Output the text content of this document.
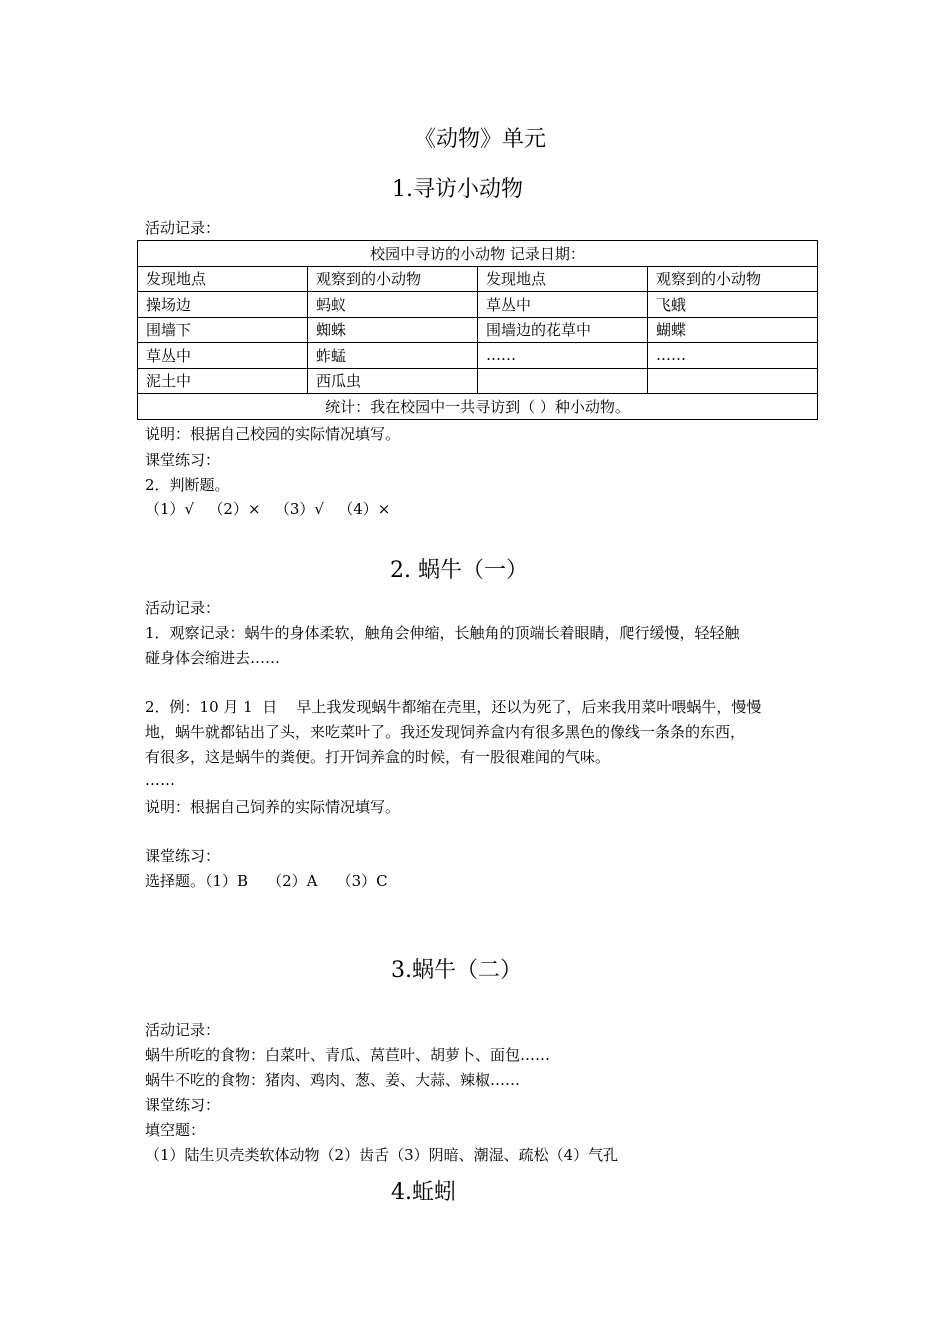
《动物》单元
1.寻访小动物
活动记录：
校园中寻访的小动物 记录日期：			
发现地点	观察到的小动物	发现地点	观察到的小动物
操场边	蚂蚁	草丛中	飞蛾
围墙下	蜘蛛	围墙边的花草中	蝴蝶
草丛中	蚱蜢	……	……
泥土中	西瓜虫		
统计：我在校园中一共寻访到（ ）种小动物。			
说明：根据自己校园的实际情况填写。
课堂练习：
2．判断题。
（1）√   （2）×   （3）√   （4）×
2. 蜗牛（一）
活动记录：
1．观察记录：蜗牛的身体柔软，触角会伸缩，长触角的顶端长着眼睛，爬行缓慢，轻轻触
碰身体会缩进去……
2．例：10 月 1  日    早上我发现蜗牛都缩在壳里，还以为死了，后来我用菜叶喂蜗牛，慢慢
地，蜗牛就都钻出了头，来吃菜叶了。我还发现饲养盒内有很多黑色的像线一条条的东西，
有很多，这是蜗牛的粪便。打开饲养盒的时候，有一股很难闻的气味。
……
说明：根据自己饲养的实际情况填写。
课堂练习：
选择题。（1）B    （2）A    （3）C
3.蜗牛（二）
活动记录：
蜗牛所吃的食物：白菜叶、青瓜、莴苣叶、胡萝卜、面包……
蜗牛不吃的食物：猪肉、鸡肉、葱、姜、大蒜、辣椒……
课堂练习：
填空题：
（1）陆生贝壳类软体动物（2）齿舌（3）阴暗、潮湿、疏松（4）气孔
4.蚯蚓
